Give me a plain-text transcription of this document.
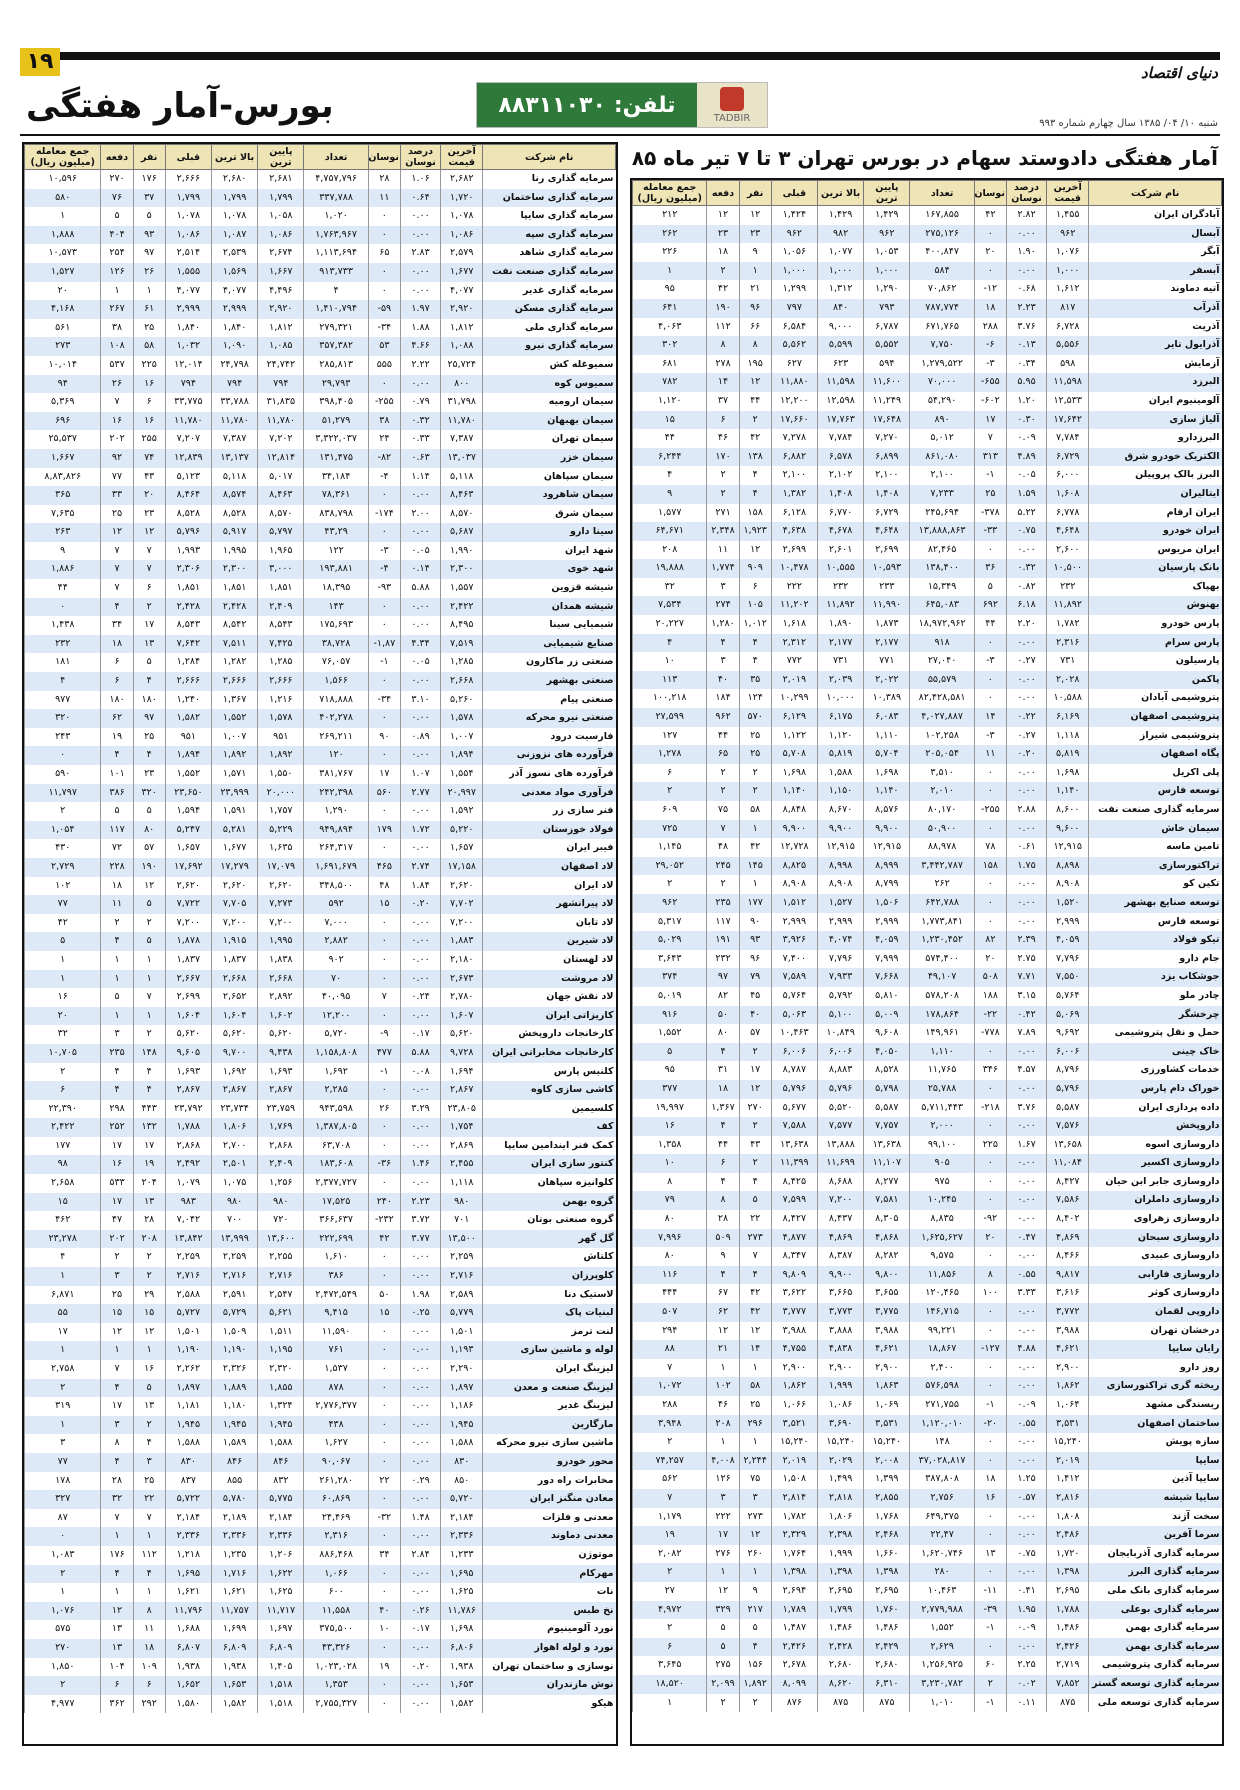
۱۹	دنیای اقتصاد
بورس-آمار هفتگی	تلفن:
۸۸۳۱۱۰۳۰
TADBIR	شنبه ۱۰/ ۰۴/ ۱۳۸۵ سال چهارم شماره ۹۹۳
آمار هفتگی دادوستد سهام در بورس تهران ۳ تا ۷ تیر ماه ۸۵
نام شرکت	آخرین قیمت	درصد نوسان	نوسان	تعداد	پایین ترین	بالا ترین	قبلی	نفر	دفعه	جمع معامله (میلیون ریال)
سرمایه گذاری رنا	۲,۶۸۲	۱.۰۶	۲۸	۴,۷۵۷,۷۹۶	۲,۶۸۱	۲,۶۸۰	۲,۶۶۶	۱۷۶	۲۷۰	۱۰,۵۹۶
سرمایه گذاری ساختمان	۱,۷۲۰	۰.۶۴	۱۱	۳۳۷,۷۸۸	۱,۷۹۹	۱,۷۹۹	۱,۷۹۹	۳۷	۷۶	۵۸۰
سرمایه گذاری سایپا	۱,۰۷۸	۰.۰۰	۰	۱,۰۲۰	۱,۰۵۸	۱,۰۷۸	۱,۰۷۸	۵	۵	۱
سرمایه گذاری سپه	۱,۰۸۶	۰.۰۰	۰	۱,۷۶۳,۹۶۷	۱,۰۸۶	۱,۰۸۷	۱,۰۸۶	۹۳	۴۰۴	۱,۸۸۸
سرمایه گذاری شاهد	۲,۵۷۹	۲.۸۳	۶۵	۱,۱۱۳,۶۹۴	۲,۶۷۴	۲,۵۳۹	۲,۵۱۴	۹۷	۲۵۴	۱۰,۵۷۳
سرمایه گذاری صنعت نفت	۱,۶۷۷	۰.۰۰	۰	۹۱۳,۷۳۳	۱,۶۶۷	۱,۵۶۹	۱,۵۵۵	۲۶	۱۲۶	۱,۵۲۷
سرمایه گذاری غدیر	۴,۰۷۷	۰.۰۰	۰	۴	۴,۴۹۶	۴,۰۷۷	۴,۰۷۷	۱	۱	۲۰
سرمایه گذاری مسکن	۲,۹۲۰	۱.۹۷	۵۹-	۱,۴۱۰,۷۹۴	۲,۹۲۰	۲,۹۹۹	۲,۹۹۹	۶۱	۲۶۷	۴,۱۶۸
سرمایه گذاری ملی	۱,۸۱۲	۱.۸۸	۳۴-	۲۷۹,۳۲۱	۱,۸۱۲	۱,۸۴۰	۱,۸۴۰	۲۵	۳۸	۵۶۱
سرمایه گذاری نیرو	۱,۰۸۸	۴.۶۶	۵۳	۳۵۷,۳۸۲	۱,۰۸۵	۱,۰۹۰	۱,۰۳۲	۵۸	۱۰۸	۲۷۳
سمیوغله کش	۲۵,۷۲۴	۲.۲۲	۵۵۵	۲۸۵,۸۱۳	۲۴,۷۴۲	۲۴,۷۹۸	۱۲,۰۱۴	۲۲۵	۵۳۷	۱۰,۰۱۴
سمیوس کوه	۸۰۰	۰.۰۰	۰	۲۹,۷۹۳	۷۹۴	۷۹۴	۷۹۴	۱۶	۲۶	۹۴
سیمان ارومیه	۳۱,۷۹۸	۰.۷۹	۲۵۵-	۳۹۸,۴۰۵	۳۱,۸۳۵	۳۳,۷۸۸	۳۳,۷۷۵	۶	۷	۵,۳۶۹
سیمان بهبهان	۱۱,۷۸۰	۰.۳۲	۳۸	۵۱,۲۷۹	۱۱,۷۸۰	۱۱,۷۸۰	۱۱,۷۸۰	۱۶	۱۶	۶۹۶
سیمان تهران	۷,۳۸۷	۰.۳۳	۲۴	۳,۳۲۲,۰۳۷	۷,۲۰۲	۷,۳۸۷	۷,۲۰۷	۲۵۵	۲۰۲	۲۵,۵۳۷
سیمان خزر	۱۳,۰۳۷	۰.۶۳	۸۲-	۱۳۱,۴۷۵	۱۲,۸۱۴	۱۳,۱۳۷	۱۲,۸۳۹	۷۴	۹۲	۱,۶۶۷
سیمان سپاهان	۵,۱۱۸	۱.۱۴	۴-	۳۴,۱۸۴	۵,۰۱۷	۵,۱۱۸	۵,۱۲۳	۴۳	۷۷	۸,۸۳,۸۲۶
سیمان شاهرود	۸,۴۶۳	۰.۰۰	۰	۷۸,۳۶۱	۸,۴۶۳	۸,۵۷۴	۸,۴۶۴	۲۰	۳۳	۳۶۵
سیمان شرق	۸,۵۷۰	۲.۰۰	۱۷۴-	۸۳۸,۷۹۸	۸,۵۷۰	۸,۵۲۸	۸,۵۲۸	۲۳	۲۵	۷,۶۳۵
سینا دارو	۵,۶۸۷	۰.۰۰	۰	۴۳,۲۹	۵,۷۹۷	۵,۹۱۷	۵,۷۹۶	۱۲	۱۲	۲۶۳
شهد ایران	۱,۹۹۰	۰.۰۵	۳-	۱۲۲	۱,۹۶۵	۱,۹۹۵	۱,۹۹۳	۷	۷	۹
شهد خوی	۲,۳۰۰	۰.۱۴	۴-	۱۹۳,۸۸۱	۳,۰۰۰	۲,۳۰۰	۲,۳۰۶	۷	۷	۱,۸۸۶
شیشه قزوین	۱,۵۵۷	۵.۸۸	۹۳-	۱۸,۳۹۵	۱,۸۵۱	۱,۸۵۱	۱,۸۵۱	۶	۷	۴۴
شیشه همدان	۲,۴۲۲	۰.۰۰	۰	۱۴۳	۲,۴۰۹	۲,۴۲۸	۲,۴۲۸	۲	۴	۰
شیمیایی سینا	۸,۴۹۵	۰.۰۰	۰	۱۷۵,۶۹۳	۸,۵۴۳	۸,۵۴۲	۸,۵۴۳	۱۷	۳۴	۱,۴۳۸
صنایع شیمیایی	۷,۵۱۹	۴.۳۴	۱,۸۷-	۳۸,۷۲۸	۷,۴۲۵	۷,۵۱۱	۷,۶۴۲	۱۳	۱۸	۲۳۲
صنعتی زر ماکارون	۱,۲۸۵	۰.۰۵	۱-	۷۶,۰۵۷	۱,۲۸۵	۱,۲۸۲	۱,۲۸۴	۵	۶	۱۸۱
صنعتی بهشهر	۲,۶۶۸	۰.۰۰	۰	۱,۵۶۶	۲,۶۶۶	۲,۶۶۶	۲,۶۶۶	۴	۶	۴
صنعتی پیام	۵,۲۶۰	۳.۱۰	۳۴-	۷۱۸,۸۸۸	۱,۲۱۶	۱,۳۶۷	۱,۲۴۰	۱۸۰	۱۸۰	۹۷۷
صنعتی نیرو محرکه	۱,۵۷۸	۰.۰۰	۰	۴۰۲,۲۷۸	۱,۵۷۸	۱,۵۵۲	۱,۵۸۲	۹۷	۶۲	۳۲۰
فارسیت درود	۱,۰۰۷	۰.۸۹	۹۰	۲۶۹,۲۱۱	۹۵۱	۱,۰۰۷	۹۵۱	۲۵	۱۹	۲۴۳
فرآورده های نزوزنی	۱,۸۹۴	۰.۰۰	۰	۱۲۰	۱,۸۹۲	۱,۸۹۲	۱,۸۹۴	۴	۴	۰
فرآورده های نسوز آذر	۱,۵۵۴	۱.۰۷	۱۷	۳۸۱,۷۶۷	۱,۵۵۰	۱,۵۷۱	۱,۵۵۲	۲۳	۱۰۱	۵۹۰
فرآوری مواد معدنی	۲۰,۹۹۷	۲.۷۷	۵۶۰	۲۴۲,۳۹۸	۲۰,۰۰۰	۲۳,۹۹۹	۲۳,۶۵۰	۳۲۰	۳۸۶	۱۱,۷۹۷
فنر سازی زر	۱,۵۹۲	۰.۰۰	۰	۱,۲۹۰	۱,۷۵۷	۱,۵۹۱	۱,۵۹۴	۵	۵	۲
فولاد خوزستان	۵,۲۲۰	۱.۷۲	۱۷۹	۹۴۹,۸۹۴	۵,۲۲۹	۵,۲۸۱	۵,۲۴۷	۸۰	۱۱۷	۱,۰۵۴
فیبر ایران	۱,۶۵۷	۰.۰۰	۰	۲۶۴,۳۱۷	۱,۶۳۵	۱,۶۷۷	۱,۶۵۷	۵۷	۷۲	۴۳۰
لاد اصفهان	۱۷,۱۵۸	۲.۷۴	۴۶۵	۱,۶۹۱,۶۷۹	۱۷,۰۷۹	۱۷,۲۷۹	۱۷,۶۹۲	۱۹۰	۲۲۸	۲,۷۲۹
لاد ایران	۲,۶۲۰	۱.۸۴	۴۸	۳۴۸,۵۰۰	۲,۶۲۰	۲,۶۲۰	۲,۶۲۰	۱۲	۱۸	۱۰۲
لاد پیرانشهر	۷,۷۰۲	۰.۲۰	۱۵	۵۹۲	۷,۲۷۳	۷,۷۰۵	۷,۷۲۲	۵	۱۱	۷۷
لاد تابان	۷,۲۰۰	۰.۰۰	۰	۷,۰۰۰	۷,۲۰۰	۷,۲۰۰	۷,۲۰۰	۲	۲	۴۲
لاد شیرین	۱,۸۸۳	۰.۰۰	۰	۲,۸۸۲	۱,۹۹۵	۱,۹۱۵	۱,۸۷۸	۵	۴	۵
لاد لهستان	۲,۱۸۰	۰.۰۰	۰	۹۰۲	۱,۸۳۸	۱,۸۳۷	۱,۸۳۷	۱	۱	۱
لاد مروشت	۲,۶۷۳	۰.۰۰	۰	۷۰	۲,۶۶۸	۲,۶۶۸	۲,۶۶۷	۱	۱	۱
لاد نقش جهان	۲,۷۸۰	۰.۲۴	۷	۴۰,۰۹۵	۲,۸۹۲	۲,۶۵۲	۲,۶۹۹	۷	۵	۱۶
کاریزاتی ایران	۱,۶۰۷	۰.۰۰	۰	۱۲,۲۰۰	۱,۶۰۲	۱,۶۰۴	۱,۶۰۴	۱	۱	۲۰
کارخانجات داروپخش	۵,۶۲۰	۰.۱۷	۹-	۵,۷۲۰	۵,۶۲۰	۵,۶۲۰	۵,۶۲۰	۲	۳	۳۲
کارخانجات مخابراتی ایران	۹,۷۲۸	۵.۸۸	۴۷۷	۱,۱۵۸,۸۰۸	۹,۴۳۸	۹,۷۰۰	۹,۶۰۵	۱۴۸	۲۳۵	۱۰,۷۰۵
کلنیس پارس	۱,۶۹۴	۰.۰۸	۱-	۱,۶۹۲	۱,۶۹۳	۱,۶۹۲	۱,۶۹۳	۴	۴	۲
کاشی سازی کاوه	۲,۸۶۷	۰.۰۰	۰	۲,۲۸۵	۲,۸۶۷	۲,۸۶۷	۲,۸۶۷	۴	۴	۶
کلسیمین	۲۳,۸۰۵	۳.۲۹	۲۶	۹۴۳,۵۹۸	۲۳,۷۵۹	۲۳,۷۳۴	۲۳,۷۹۲	۴۴۳	۲۹۸	۲۲,۳۹۰
کف	۱,۷۵۴	۰.۰۰	۰	۱,۳۸۷,۸۰۵	۱,۷۶۹	۱,۸۰۶	۱,۷۸۸	۱۳۲	۲۵۲	۲,۴۲۲
کمک فنر ایندامین سایپا	۲,۸۶۹	۰.۰۰	۰	۶۳,۷۰۸	۲,۸۶۸	۲,۷۰۰	۲,۸۶۸	۱۷	۱۷	۱۷۷
کنتور سازی ایران	۲,۴۵۵	۱.۴۶	۳۶-	۱۸۳,۶۰۸	۲,۴۰۹	۲,۵۰۱	۲,۴۹۲	۱۹	۱۶	۹۸
کلوانیزه سپاهان	۱,۱۱۸	۰.۰۰	۰	۲,۳۷۷,۷۲۷	۱,۲۵۶	۱,۰۷۵	۱,۰۷۹	۲۰۴	۵۳۳	۲,۶۵۸
گروه بهمن	۹۸۰	۲.۲۳	۲۴۰	۱۷,۵۲۵	۹۸۰	۹۸۰	۹۸۳	۱۳	۱۷	۱۵
گروه صنعتی بوتان	۷۰۱	۳.۷۲	۲۳۲-	۳۶۶,۶۳۷	۷۲۰	۷۰۰	۷,۰۴۲	۲۸	۴۷	۴۶۲
گل گهر	۱۳,۵۰۰	۳.۷۷	۴۲	۲۲۲,۶۹۹	۱۳,۶۰۰	۱۳,۹۹۹	۱۳,۸۴۲	۲۰۸	۲۰۲	۲۳,۲۷۸
کلتاش	۲,۲۵۹	۰.۰۰	۰	۱,۶۱۰	۲,۲۵۵	۲,۲۵۹	۲,۲۵۹	۲	۲	۴
کلوپرزان	۲,۷۱۶	۰.۰۰	۰	۳۸۶	۲,۷۱۶	۲,۷۱۶	۲,۷۱۶	۲	۳	۱
لاستیک دنا	۲,۵۸۹	۱.۹۸	۵۰	۲,۴۷۲,۵۴۹	۲,۵۴۷	۲,۵۹۱	۲,۵۸۸	۲۹	۲۵	۶,۸۷۱
لبنیات پاک	۵,۷۷۹	۰.۲۵	۱۵	۹,۴۱۵	۵,۶۲۱	۵,۷۲۹	۵,۷۲۷	۱۵	۱۵	۵۵
لنت ترمز	۱,۵۰۱	۰.۰۰	۰	۱۱,۵۹۰	۱,۵۱۱	۱,۵۰۹	۱,۵۰۱	۱۲	۱۲	۱۷
لوله و ماشین سازی	۱,۱۹۳	۰.۰۰	۰	۷۶۱	۱,۱۹۵	۱,۱۹۰	۱,۱۹۰	۱	۱	۱
لیزینگ ایران	۲,۲۹۰	۰.۰۰	۰	۱,۵۳۷	۲,۳۲۰	۲,۳۲۶	۲,۲۶۲	۱۶	۷	۲,۷۵۸
لیزینگ صنعت و معدن	۱,۸۹۷	۰.۰۰	۰	۸۷۸	۱,۸۵۵	۱,۸۸۹	۱,۸۹۷	۵	۴	۲
لیزینگ غدیر	۱,۱۸۶	۰.۰۰	۰	۲,۷۷۶,۳۷۷	۱,۳۲۴	۱,۱۸۰	۱,۱۸۱	۱۳	۱۷	۳۱۹
مارگارین	۱,۹۴۵	۰.۰۰	۰	۴۳۸	۱,۹۴۵	۱,۹۴۵	۱,۹۴۵	۲	۳	۱
ماشین سازی نیرو محرکه	۱,۵۸۸	۰.۰۰	۰	۱,۶۲۷	۱,۵۸۸	۱,۵۸۹	۱,۵۸۸	۴	۸	۳
محور خودرو	۸۳۰	۰.۰۰	۰	۹۰,۰۶۷	۸۴۶	۸۴۶	۸۳۰	۳	۴	۷۷
مخابرات راه دور	۸۵۰	۰.۲۹	۲۲	۲۶۱,۲۸۰	۸۳۲	۸۵۵	۸۳۷	۲۵	۲۸	۱۷۸
معادن منگنز ایران	۵,۷۲۰	۰.۰۰	۰	۶۰,۸۶۹	۵,۷۷۵	۵,۷۸۰	۵,۷۲۲	۲۲	۳۲	۳۲۷
معدنی و فلزات	۲,۱۸۴	۱.۴۸	۳۲-	۲۴,۴۶۹	۲,۱۸۴	۲,۱۸۹	۲,۱۸۴	۷	۷	۸۷
معدنی دماوند	۲,۳۳۶	۰.۰۰	۰	۲,۳۱۶	۲,۳۳۶	۲,۳۳۶	۲,۳۳۶	۱	۱	۰
موتوژن	۱,۲۳۳	۲.۸۴	۳۴	۸۸۶,۴۶۸	۱,۲۰۶	۱,۲۳۵	۱,۲۱۸	۱۱۲	۱۷۶	۱,۰۸۳
مهرکام	۱,۶۹۵	۰.۰۰	۰	۱,۰۶۶	۱,۶۲۲	۱,۷۱۶	۱,۶۹۵	۴	۴	۲
نات	۱,۶۲۵	۰.۰۰	۰	۶۰۰	۱,۶۲۵	۱,۶۲۱	۱,۶۲۱	۱	۱	۱
نخ طبس	۱۱,۷۸۶	۰.۲۶	۴۰	۱۱,۵۵۸	۱۱,۷۱۷	۱۱,۷۵۷	۱۱,۷۹۶	۸	۱۲	۱,۰۷۶
نورد آلومینیوم	۱,۶۹۸	۰.۱۷	۱۰	۳۷۵,۵۰۰	۱,۶۹۷	۱,۶۹۹	۱,۶۸۸	۱۱	۱۳	۵۷۵
نورد و لوله اهواز	۶,۸۰۶	۰.۰۰	۰	۴۳,۳۲۶	۶,۸۰۹	۶,۸۰۹	۶,۸۰۷	۱۸	۱۳	۲۷۰
نوسازی و ساختمان تهران	۱,۹۳۸	۰.۲۰	۱۹	۱,۰۲۳,۰۲۸	۱,۴۰۵	۱,۹۳۸	۱,۹۳۸	۱۰۹	۱۰۴	۱,۸۵۰
نوش مازندران	۱,۶۵۳	۰.۰۰	۰	۱,۳۵۳	۱,۵۱۸	۱,۶۵۳	۱,۶۵۲	۶	۶	۲
هیکو	۱,۵۸۲	۰.۰۰	۰	۲,۷۵۵,۳۲۷	۱,۵۱۸	۱,۵۸۲	۱,۵۸۰	۲۹۲	۳۶۲	۴,۹۷۷
نام شرکت	آخرین قیمت	درصد نوسان	نوسان	تعداد	پایین ترین	بالا ترین	قبلی	نفر	دفعه	جمع معامله (میلیون ریال)
آبادگران ایران	۱,۴۵۵	۲.۸۲	۴۲	۱۶۷,۸۵۵	۱,۴۲۹	۱,۴۲۹	۱,۴۲۴	۱۲	۱۲	۲۱۲
آبسال	۹۶۲	۰.۰۰	۰	۲۷۵,۱۲۶	۹۶۲	۹۸۲	۹۶۲	۲۳	۲۳	۲۶۲
آبگر	۱,۰۷۶	۱.۹۰	۲۰	۴۰۰,۸۴۷	۱,۰۵۳	۱,۰۷۷	۱,۰۵۶	۹	۱۸	۲۲۶
آبسفر	۱,۰۰۰	۰.۰۰	۰	۵۸۴	۱,۰۰۰	۱,۰۰۰	۱,۰۰۰	۱	۲	۱
آتیه دماوند	۱,۶۱۲	۰.۶۸	۱۲-	۷۰,۸۶۲	۱,۲۹۰	۱,۳۱۲	۱,۲۹۹	۲۱	۴۲	۹۵
آذرآب	۸۱۷	۲.۲۳	۱۸	۷۸۷,۷۷۴	۷۹۳	۸۴۰	۷۹۷	۹۶	۱۹۰	۶۴۱
آذریت	۶,۷۲۸	۳.۷۶	۲۸۸	۶۷۱,۷۶۵	۶,۷۸۷	۹,۰۰۰	۶,۵۸۴	۶۶	۱۱۲	۴,۰۶۳
آذرایول تایر	۵,۵۵۶	۰.۱۳	۶-	۷,۷۵۰	۵,۵۵۲	۵,۵۹۹	۵,۵۶۲	۸	۸	۳۰۲
آزمایش	۵۹۸	۰.۳۴	۳-	۱,۲۷۹,۵۲۲	۵۹۴	۶۲۳	۶۲۷	۱۹۵	۲۷۸	۶۸۱
البرزد	۱۱,۵۹۸	۵.۹۵	۶۵۵-	۷۰,۰۰۰	۱۱,۶۰۰	۱۱,۵۹۸	۱۱,۸۸۰	۱۲	۱۴	۷۸۲
آلومینیوم ایران	۱۲,۵۳۳	۱.۲۰	۶۰۲-	۵۴,۲۹۰	۱۱,۲۴۹	۱۲,۵۹۸	۱۲,۲۰۰	۴۴	۳۷	۱,۱۲۰
آلیاژ سازی	۱۷,۶۴۲	۰.۳۰	۱۷	۸۹۰	۱۷,۶۴۸	۱۷,۷۶۳	۱۷,۶۶۰	۲	۶	۱۵
البرزدارو	۷,۷۸۴	۰.۰۹	۷	۵,۰۱۲	۷,۲۷۰	۷,۷۸۴	۷,۲۷۸	۴۲	۴۶	۴۴
الکتریک خودرو شرق	۶,۷۲۹	۴.۸۹	۳۱۳	۸۶۱,۰۸۰	۶,۸۹۹	۶,۵۷۸	۶,۸۸۲	۱۳۸	۱۷۰	۶,۲۴۴
البرز بالک پروپیلن	۶,۰۰۰	۰.۰۵	۱-	۲,۱۰۰	۲,۱۰۰	۲,۱۰۲	۲,۱۰۰	۴	۲	۴
ایتالیران	۱,۶۰۸	۱.۵۹	۲۵	۷,۲۳۳	۱,۴۰۸	۱,۴۰۸	۱,۳۸۲	۴	۲	۹
ایران ارقام	۶,۷۷۸	۵.۲۲	۳۷۸-	۲۴۵,۶۹۴	۶,۷۲۹	۶,۷۷۰	۶,۱۲۸	۱۵۸	۲۷۱	۱,۵۷۷
ایران خودرو	۴,۶۴۸	۰.۷۵	۳۳-	۱۳,۸۸۸,۸۶۳	۴,۶۴۸	۴,۶۷۸	۴,۶۳۸	۱,۹۲۳	۲,۳۴۸	۶۴,۶۷۱
ایران مریوس	۲,۶۰۰	۰.۰۰	۰	۸۲,۴۶۵	۲,۶۹۹	۲,۶۰۱	۲,۶۹۹	۱۲	۱۱	۲۰۸
بانک پارسیان	۱۰,۵۰۰	۰.۳۲	۳۶	۱۳۸,۴۰۰	۱۰,۵۹۳	۱۰,۵۵۵	۱۰,۴۷۸	۹۰۹	۱,۷۷۴	۱۹,۸۸۸
بهپاک	۲۳۲	۰.۸۲	۵	۱۵,۳۴۹	۲۳۳	۲۳۲	۲۲۲	۶	۳	۳۲
بهنوش	۱۱,۸۹۲	۶.۱۸	۶۹۲	۶۴۵,۰۸۳	۱۱,۹۹۰	۱۱,۸۹۲	۱۱,۲۰۲	۱۰۵	۲۷۴	۷,۵۳۴
پارس خودرو	۱,۷۸۲	۲.۲۰	۴۴	۱۸,۹۷۲,۹۶۲	۱,۸۷۳	۱,۸۹۰	۱,۶۱۸	۱,۰۱۲	۱,۲۸۰	۲۰,۲۲۷
پارس سرام	۲,۳۱۶	۰.۰۰	۰	۹۱۸	۲,۱۷۷	۲,۱۷۷	۲,۳۱۲	۴	۴	۴
پارسیلون	۷۳۱	۰.۲۷	۳-	۲۷,۰۴۰	۷۷۱	۷۳۱	۷۷۲	۴	۳	۱۰
پاکمن	۲,۰۲۸	۰.۰۰	۰	۵۵,۵۷۹	۲,۰۲۲	۲,۰۳۹	۲,۰۱۹	۳۵	۴۰	۱۱۳
پتروشیمی آبادان	۱۰,۵۸۸	۰.۰۰	۰	۸۲,۴۲۸,۵۸۱	۱۰,۳۸۹	۱۰,۰۰۰	۱۰,۲۹۹	۱۲۴	۱۸۴	۱۰۰,۲۱۸
پتروشیمی اصفهان	۶,۱۶۹	۰.۲۲	۱۴	۴,۰۲۷,۸۸۷	۶,۰۸۳	۶,۱۷۵	۶,۱۲۹	۵۷۰	۹۶۲	۲۷,۵۹۹
پتروشیمی شیراز	۱,۱۱۸	۰.۲۷	۳-	۱۰۲,۲۵۸	۱,۱۱۰	۱,۱۲۰	۱,۱۲۲	۲۵	۴۴	۱۲۷
پگاه اصفهان	۵,۸۱۹	۰.۲۰	۱۱	۲۰۵,۰۵۴	۵,۷۰۴	۵,۸۱۹	۵,۷۰۸	۲۵	۶۵	۱,۲۷۸
پلی اکریل	۱,۶۹۸	۰.۰۰	۰	۳,۵۱۰	۱,۶۹۸	۱,۵۸۸	۱,۶۹۸	۲	۲	۶
توسعه فارس	۱,۱۴۰	۰.۰۰	۰	۲,۰۱۰	۱,۱۴۰	۱,۱۵۰	۱,۱۴۰	۲	۲	۲
سرمایه گذاری صنعت نفت	۸,۶۰۰	۲.۸۸	۲۵۵-	۸۰,۱۷۰	۸,۵۷۶	۸,۶۷۰	۸,۸۴۸	۵۸	۷۵	۶۰۹
سیمان خاش	۹,۶۰۰	۰.۰۰	۰	۵۰,۹۰۰	۹,۹۰۰	۹,۹۰۰	۹,۹۰۰	۱	۷	۷۲۵
تامین ماسه	۱۲,۹۱۵	۰.۶۱	۷۸	۸۸,۹۷۸	۱۲,۹۱۵	۱۲,۹۱۵	۱۲,۷۲۸	۴۲	۴۸	۱,۱۴۵
تراکتورسازی	۸,۸۹۸	۱.۷۵	۱۵۸	۳,۴۴۲,۷۸۷	۸,۹۹۹	۸,۹۹۸	۸,۸۲۵	۱۴۵	۲۴۵	۲۹,۰۵۲
تکین کو	۸,۹۰۸	۰.۰۰	۰	۲۶۲	۸,۷۹۹	۸,۹۰۸	۸,۹۰۸	۱	۲	۲
توسعه صنایع بهشهر	۱,۵۲۰	۰.۰۰	۰	۶۴۲,۷۸۸	۱,۵۰۶	۱,۵۲۷	۱,۵۱۲	۱۷۷	۲۳۵	۹۶۲
توسعه فارس	۲,۹۹۹	۰.۰۰	۰	۱,۷۷۳,۸۴۱	۲,۹۹۹	۲,۹۹۹	۲,۹۹۹	۹۰	۱۱۷	۵,۳۱۷
تیکو فولاد	۴,۰۵۹	۲.۳۹	۸۲	۱,۲۳۰,۴۵۲	۴,۰۵۹	۴,۰۷۴	۳,۹۲۶	۹۳	۱۹۱	۵,۰۲۹
جام دارو	۷,۷۹۶	۲.۷۵	۲۰	۵۷۴,۴۰۰	۷,۹۹۹	۷,۷۹۶	۷,۴۰۰	۹۶	۲۳۲	۳,۶۴۳
جوشکاب یزد	۷,۵۵۰	۷.۷۱	۵۰۸	۴۹,۱۰۷	۷,۶۶۸	۷,۹۳۳	۷,۵۸۹	۷۹	۹۷	۳۷۴
چادر ملو	۵,۷۶۴	۳.۱۵	۱۸۸	۵۷۸,۲۰۸	۵,۸۱۰	۵,۷۹۲	۵,۷۶۴	۴۵	۸۲	۵,۰۱۹
چرخشگر	۵,۰۶۹	۰.۴۲	۲۲-	۱۷۸,۸۶۴	۵,۰۰۹	۵,۱۰۰	۵,۰۶۳	۴۰	۵۰	۹۱۶
حمل و نقل پتروشیمی	۹,۶۹۲	۷.۸۹	۷۷۸-	۱۴۹,۹۶۱	۹,۶۰۸	۱۰,۸۴۹	۱۰,۴۶۳	۵۷	۸۰	۱,۵۵۲
خاک چینی	۶,۰۰۶	۰.۰۰	۰	۱,۱۱۰	۴,۰۵۰	۶,۰۰۶	۶,۰۰۶	۲	۴	۵
خدمات کشاورزی	۸,۷۹۶	۴.۵۷	۳۴۶	۱۱,۷۶۵	۸,۵۲۸	۸,۸۸۳	۸,۷۸۷	۱۷	۳۱	۹۵
خوراک دام پارس	۵,۷۹۶	۰.۰۰	۰	۲۵,۷۸۸	۵,۷۹۸	۵,۷۹۶	۵,۷۹۶	۱۲	۱۸	۳۷۷
داده پردازی ایران	۵,۵۸۷	۳.۷۶	۲۱۸-	۵,۷۱۱,۴۴۳	۵,۵۸۷	۵,۵۲۰	۵,۶۷۷	۲۷۰	۱,۳۶۷	۱۹,۹۹۷
داروپخش	۷,۵۷۶	۰.۰۰	۰	۲,۰۰۰	۷,۷۵۷	۷,۵۷۷	۷,۵۸۸	۲	۴	۱۶
داروسازی اسوه	۱۳,۶۵۸	۱.۶۷	۲۲۵	۹۹,۱۰۰	۱۳,۶۳۸	۱۳,۸۸۸	۱۳,۶۳۸	۴۳	۴۴	۱,۳۵۸
داروسازی اکسیر	۱۱,۰۸۴	۰.۰۰	۰	۹۰۵	۱۱,۱۰۷	۱۱,۶۹۹	۱۱,۳۹۹	۲	۶	۱۰
داروسازی جابر ابن حیان	۸,۴۲۷	۰.۰۰	۰	۹۷۵	۸,۲۷۷	۸,۶۸۸	۸,۴۲۵	۴	۴	۸
داروسازی داملران	۷,۵۸۶	۰.۰۰	۰	۱۰,۲۴۵	۷,۵۸۱	۷,۲۰۰	۷,۵۹۹	۵	۸	۷۹
داروسازی زهراوی	۸,۴۰۲	۰.۰۰	۹۲-	۸,۸۳۵	۸,۳۰۵	۸,۴۳۷	۸,۴۲۷	۲۲	۲۸	۸۰
داروسازی سبحان	۴,۸۶۹	۰.۴۷	۲۰	۱,۶۲۵,۶۲۷	۴,۸۶۸	۴,۸۶۹	۴,۸۷۷	۲۷۳	۵۰۹	۷,۹۹۶
داروسازی عبیدی	۸,۴۶۶	۰.۰۰	۰	۹,۵۷۵	۸,۲۸۲	۸,۳۸۷	۸,۳۴۷	۷	۹	۸۰
داروسازی فارابی	۹,۸۱۷	۰.۵۵	۸	۱۱,۸۵۶	۹,۸۰۰	۹,۹۰۰	۹,۸۰۹	۴	۴	۱۱۶
داروسازی کوثر	۳,۶۱۶	۳.۳۳	۱۰۰	۱۲۰,۴۶۵	۳,۶۵۵	۳,۶۶۵	۳,۶۲۲	۴۲	۶۷	۴۴۴
داروپی لقمان	۳,۷۷۲	۰.۰۰	۰	۱۴۶,۷۱۵	۳,۷۷۵	۳,۷۷۳	۳,۷۷۷	۴۲	۶۲	۵۰۷
درخشان تهران	۳,۹۸۸	۰.۰۰	۰	۹۹,۲۲۱	۳,۹۸۸	۳,۸۸۸	۳,۹۸۸	۱۲	۱۲	۲۹۴
رایان سایپا	۴,۶۲۱	۴.۸۸	۱۲۷-	۱۸,۸۶۷	۴,۶۲۱	۴,۸۳۸	۴,۷۵۵	۱۴	۲۱	۸۸
روز دارو	۲,۹۰۰	۰.۰۰	۰	۲,۴۰۰	۲,۹۰۰	۲,۹۰۰	۲,۹۰۰	۱	۱	۷
ریخته گری تراکتورسازی	۱,۸۶۲	۰.۰۰	۰	۵۷۶,۵۹۸	۱,۸۶۳	۱,۹۹۹	۱,۸۶۲	۵۸	۱۰۲	۱,۰۷۲
ریسندگی مشهد	۱,۰۶۴	۰.۰۹	۱-	۲۷۱,۷۵۵	۱,۰۶۹	۱,۰۸۶	۱,۰۶۶	۲۵	۴۶	۲۸۸
ساختمان اصفهان	۳,۵۳۱	۰.۵۵	۲۰-	۱,۱۲۰,۰۱۰	۳,۵۳۱	۳,۶۹۰	۳,۵۲۱	۲۹۶	۲۰۸	۳,۹۴۸
سازه پویش	۱۵,۲۴۰	۰.۰۰	۰	۱۴۸	۱۵,۲۴۰	۱۵,۲۴۰	۱۵,۲۴۰	۱	۱	۲
سایپا	۲,۰۱۹	۰.۰۰	۰	۳۷,۰۲۸,۸۱۷	۲,۰۰۸	۲,۰۲۹	۲,۰۱۹	۲,۲۴۴	۴,۰۰۸	۷۴,۲۵۷
سایپا آذین	۱,۴۱۲	۱.۲۵	۱۸	۳۸۷,۸۰۸	۱,۳۹۹	۱,۴۹۹	۱,۵۰۸	۷۵	۱۲۶	۵۶۲
سایپا شیشه	۲,۸۱۶	۰.۵۷	۱۶	۲,۷۵۶	۲,۸۵۵	۲,۸۱۸	۲,۸۱۴	۳	۳	۷
سخت آژند	۱,۸۰۸	۰.۰۰	۰	۶۴۹,۳۷۵	۱,۷۶۸	۱,۸۰۶	۱,۷۸۲	۲۷۳	۲۲۲	۱,۱۷۹
سرما آفرین	۲,۴۸۶	۰.۰۰	۰	۲۲,۴۷	۲,۴۶۸	۲,۳۹۸	۲,۳۲۹	۱۲	۱۷	۱۹
سرمایه گذاری آذربایجان	۱,۷۲۰	۰.۷۵	۱۳	۱,۶۲۰,۷۴۶	۱,۶۶۰	۱,۹۹۹	۱,۷۶۴	۲۶۰	۲۷۶	۲,۰۸۲
سرمایه گذاری البرز	۱,۳۹۸	۰.۰۰	۰	۲۸۰	۱,۳۹۸	۱,۳۹۸	۱,۳۹۸	۱	۱	۲
سرمایه گذاری بانک ملی	۲,۶۹۵	۰.۴۱	۱۱-	۱۰,۴۶۳	۲,۶۹۵	۲,۶۹۵	۲,۶۹۴	۹	۱۲	۲۷
سرمایه گذاری بوعلی	۱,۷۸۸	۱.۹۵	۳۹-	۲,۷۷۹,۹۸۸	۱,۷۶۰	۱,۷۹۹	۱,۷۸۹	۲۱۷	۳۲۹	۴,۹۷۲
سرمایه گذاری بهمن	۱,۴۸۶	۰.۰۹	۱-	۱,۵۵۲	۱,۴۸۶	۱,۴۸۶	۱,۴۸۷	۵	۵	۲
سرمایه گذاری بهمن	۲,۴۲۶	۰.۰۰	۰	۲,۶۲۹	۲,۴۲۹	۲,۴۲۸	۲,۴۲۶	۴	۵	۶
سرمایه گذاری پتروشیمی	۲,۷۱۹	۲.۲۵	۶۰	۱,۲۵۶,۹۲۵	۲,۶۸۰	۲,۶۸۰	۲,۶۷۸	۱۵۶	۲۷۵	۳,۶۴۵
سرمایه گذاری توسعه گستر	۷,۸۵۲	۰.۰۲	۲	۳,۲۳۰,۷۸۲	۶,۳۱۰	۸,۶۲۰	۸,۰۹۹	۱,۸۹۲	۲,۰۹۹	۱۸,۵۲۰
سرمایه گذاری توسعه ملی	۸۷۵	۰.۱۱	۱-	۱,۰۱۰	۸۷۵	۸۷۵	۸۷۶	۲	۲	۱
